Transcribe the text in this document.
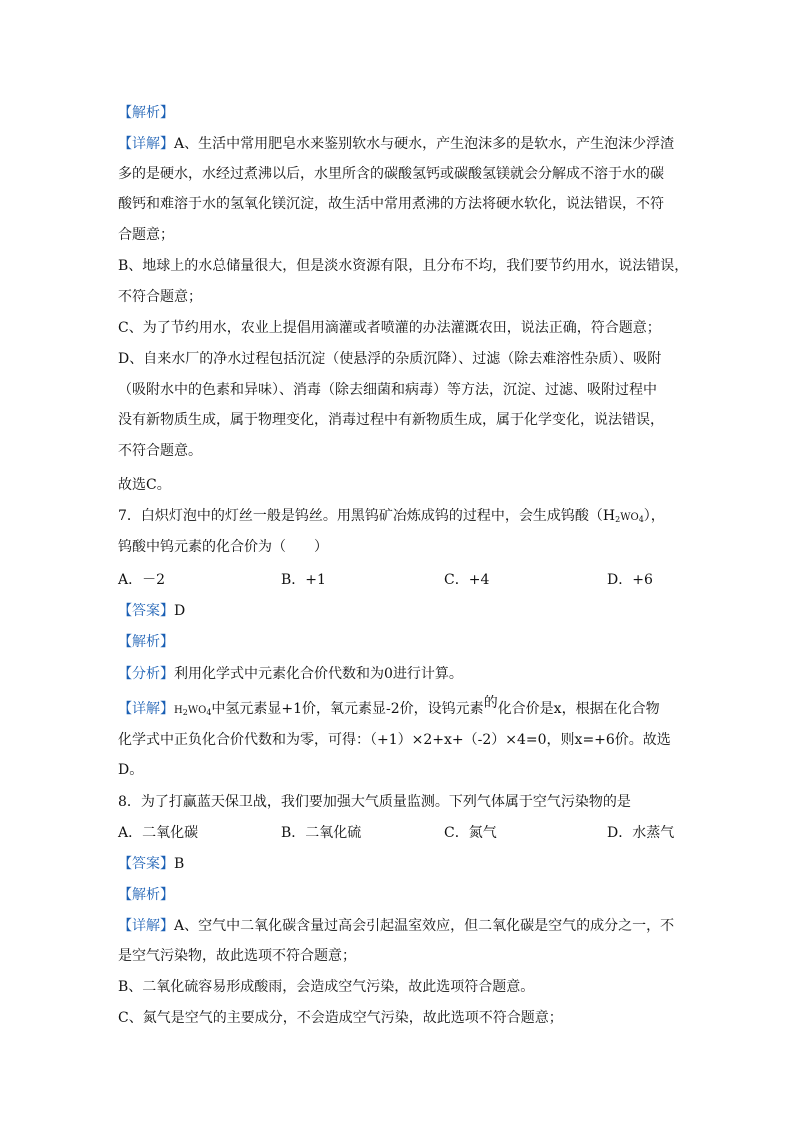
【解析】
【详解】A、生活中常用肥皂水来鉴别软水与硬水，产生泡沫多的是软水，产生泡沫少浮渣
多的是硬水，水经过煮沸以后，水里所含的碳酸氢钙或碳酸氢镁就会分解成不溶于水的碳
酸钙和难溶于水的氢氧化镁沉淀，故生活中常用煮沸的方法将硬水软化，说法错误，不符
合题意；
B、地球上的水总储量很大，但是淡水资源有限，且分布不均，我们要节约用水，说法错误，
不符合题意；
C、为了节约用水，农业上提倡用滴灌或者喷灌的办法灌溉农田，说法正确，符合题意；
D、自来水厂的净水过程包括沉淀（使悬浮的杂质沉降）、过滤（除去难溶性杂质）、吸附
（吸附水中的色素和异味）、消毒（除去细菌和病毒）等方法，沉淀、过滤、吸附过程中
没有新物质生成，属于物理变化，消毒过程中有新物质生成，属于化学变化，说法错误，
不符合题意。
故选C。
7．白炽灯泡中的灯丝一般是钨丝。用黑钨矿冶炼成钨的过程中，会生成钨酸$(H_2WO_4)$，
钨酸中钨元素的化合价为（　　）
A．－2	B．+1	C．+4	D．+6
【答案】D
【解析】
【分析】利用化学式中元素化合价代数和为0进行计算。
【详解】$H_2WO_4$中氢元素显+1价，氧元素显-2价，设钨元素的化合价是x，根据在化合物
化学式中正负化合价代数和为零，可得：（+1）×2+x+（-2）×4=0，则x=+6价。故选
D。
8．为了打赢蓝天保卫战，我们要加强大气质量监测。下列气体属于空气污染物的是
A．二氧化碳	B．二氧化硫	C．氮气	D．水蒸气
【答案】B
【解析】
【详解】A、空气中二氧化碳含量过高会引起温室效应，但二氧化碳是空气的成分之一，不
是空气污染物，故此选项不符合题意；
B、二氧化硫容易形成酸雨，会造成空气污染，故此选项符合题意。
C、氮气是空气的主要成分，不会造成空气污染，故此选项不符合题意；
